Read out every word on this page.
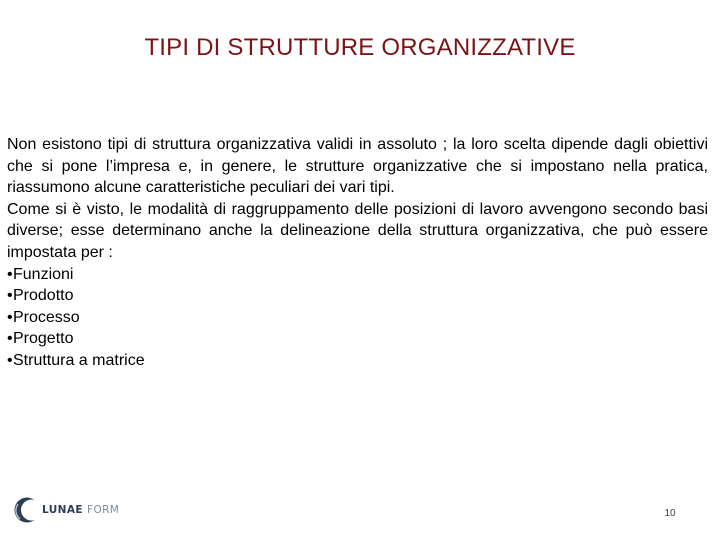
TIPI DI STRUTTURE ORGANIZZATIVE

Non esistono tipi di struttura organizzativa validi in assoluto ; la loro scelta dipende dagli obiettivi che si pone l’impresa e, in genere, le strutture organizzative che si impostano nella pratica, riassumono alcune caratteristiche peculiari dei vari tipi.

Come si è visto, le modalità di raggruppamento delle posizioni di lavoro avvengono secondo basi diverse; esse determinano anche la delineazione della struttura organizzativa, che può essere impostata per :

•Funzioni
•Prodotto
•Processo
•Progetto
•Struttura a matrice
LUNAE FORM	10
